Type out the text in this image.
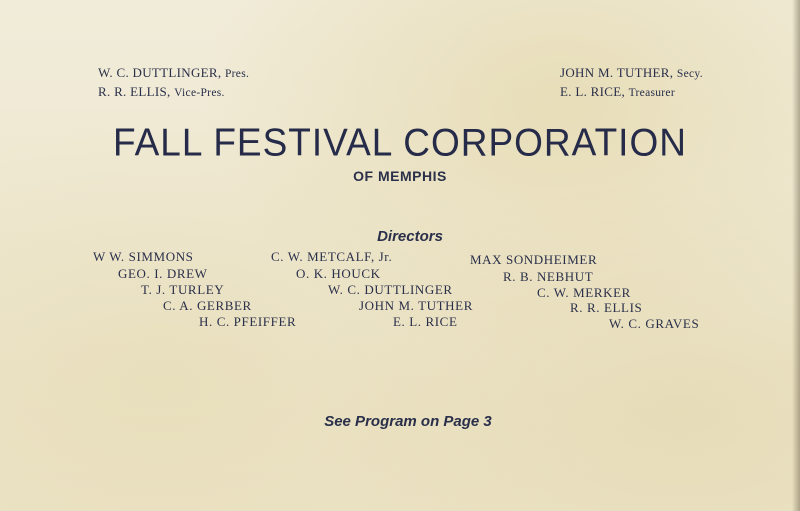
W. C. DUTTLINGER, Pres.
R. R. ELLIS, Vice-Pres.
JOHN M. TUTHER, Secy.
E. L. RICE, Treasurer
FALL FESTIVAL CORPORATION
OF MEMPHIS
Directors
W W. SIMMONS
GEO. I. DREW
T. J. TURLEY
C. A. GERBER
H. C. PFEIFFER
C. W. METCALF, Jr.
O. K. HOUCK
W. C. DUTTLINGER
JOHN M. TUTHER
E. L. RICE
MAX SONDHEIMER
R. B. NEBHUT
C. W. MERKER
R. R. ELLIS
W. C. GRAVES
See Program on Page 3
